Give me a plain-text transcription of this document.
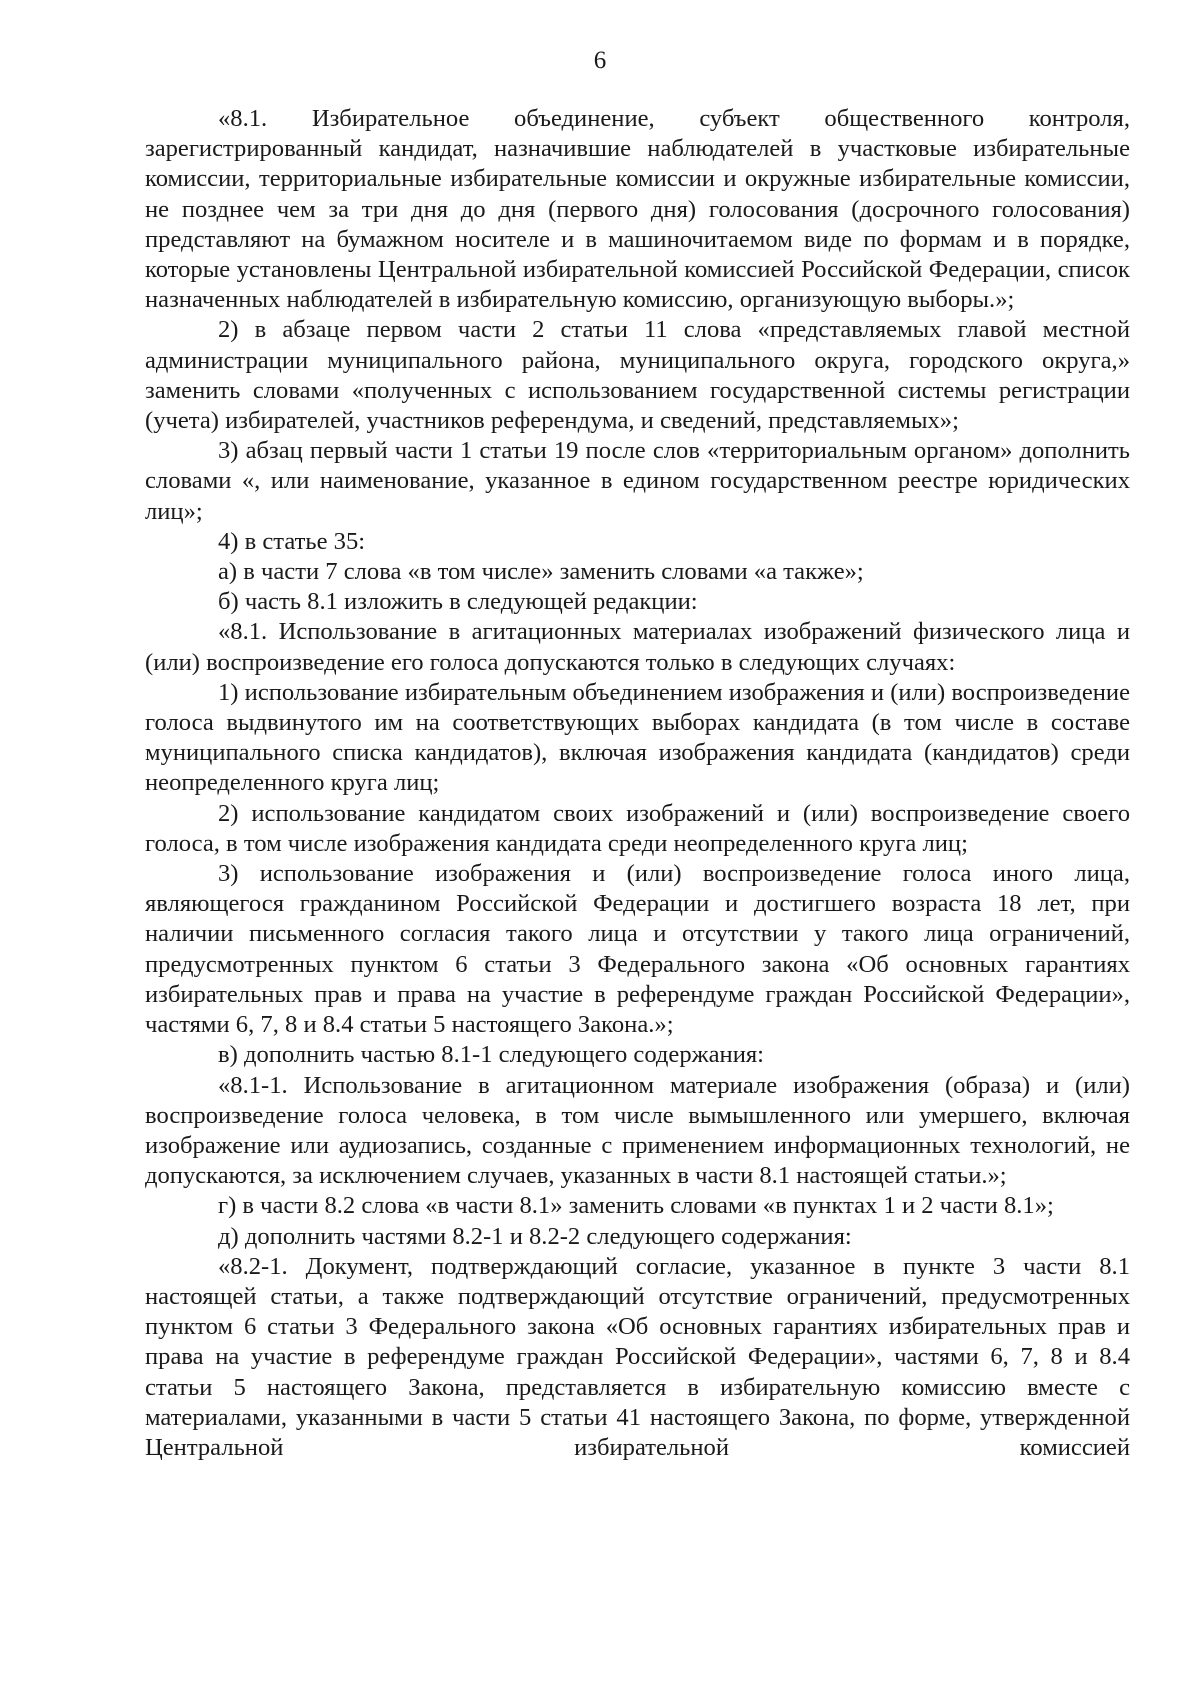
6

«8.1. Избирательное объединение, субъект общественного контроля, зарегистрированный кандидат, назначившие наблюдателей в участковые избирательные комиссии, территориальные избирательные комиссии и окружные избирательные комиссии, не позднее чем за три дня до дня (первого дня) голосования (досрочного голосования) представляют на бумажном носителе и в машиночитаемом виде по формам и в порядке, которые установлены Центральной избирательной комиссией Российской Федерации, список назначенных наблюдателей в избирательную комиссию, организующую выборы.»;

2) в абзаце первом части 2 статьи 11 слова «представляемых главой местной администрации муниципального района, муниципального округа, городского округа,» заменить словами «полученных с использованием государственной системы регистрации (учета) избирателей, участников референдума, и сведений, представляемых»;

3) абзац первый части 1 статьи 19 после слов «территориальным органом» дополнить словами «, или наименование, указанное в едином государственном реестре юридических лиц»;

4) в статье 35:

а) в части 7 слова «в том числе» заменить словами «а также»;

б) часть 8.1 изложить в следующей редакции:

«8.1. Использование в агитационных материалах изображений физического лица и (или) воспроизведение его голоса допускаются только в следующих случаях:

1) использование избирательным объединением изображения и (или) воспроизведение голоса выдвинутого им на соответствующих выборах кандидата (в том числе в составе муниципального списка кандидатов), включая изображения кандидата (кандидатов) среди неопределенного круга лиц;

2) использование кандидатом своих изображений и (или) воспроизведение своего голоса, в том числе изображения кандидата среди неопределенного круга лиц;

3) использование изображения и (или) воспроизведение голоса иного лица, являющегося гражданином Российской Федерации и достигшего возраста 18 лет, при наличии письменного согласия такого лица и отсутствии у такого лица ограничений, предусмотренных пунктом 6 статьи 3 Федерального закона «Об основных гарантиях избирательных прав и права на участие в референдуме граждан Российской Федерации», частями 6, 7, 8 и 8.4 статьи 5 настоящего Закона.»;

в) дополнить частью 8.1-1 следующего содержания:

«8.1-1. Использование в агитационном материале изображения (образа) и (или) воспроизведение голоса человека, в том числе вымышленного или умершего, включая изображение или аудиозапись, созданные с применением информационных технологий, не допускаются, за исключением случаев, указанных в части 8.1 настоящей статьи.»;

г) в части 8.2 слова «в части 8.1» заменить словами «в пунктах 1 и 2 части 8.1»;

д) дополнить частями 8.2-1 и 8.2-2 следующего содержания:

«8.2-1. Документ, подтверждающий согласие, указанное в пункте 3 части 8.1 настоящей статьи, а также подтверждающий отсутствие ограничений, предусмотренных пунктом 6 статьи 3 Федерального закона «Об основных гарантиях избирательных прав и права на участие в референдуме граждан Российской Федерации», частями 6, 7, 8 и 8.4 статьи 5 настоящего Закона, представляется в избирательную комиссию вместе с материалами, указанными в части 5 статьи 41 настоящего Закона, по форме, утвержденной Центральной избирательной комиссией
